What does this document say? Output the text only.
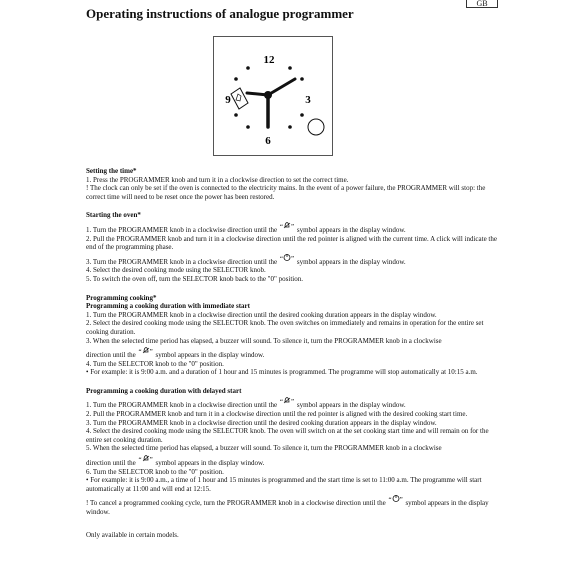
Operating instructions of analogue programmer
GB
12
3
6
9

Setting the time*

1. Press the PROGRAMMER knob and turn it in a clockwise direction to set the correct time.

! The clock can only be set if the oven is connected to the electricity mains. In the event of a power failure, the PROGRAMMER will stop: the correct time will need to be reset once the power has been restored.

Starting the oven*

1. Turn the PROGRAMMER knob in a clockwise direction until the “ ” symbol appears in the display window.

2. Pull the PROGRAMMER knob and turn it in a clockwise direction until the red pointer is aligned with the current time. A click will indicate the end of the programming phase.

3. Turn the PROGRAMMER knob in a clockwise direction until the “ ” symbol appears in the display window.

4. Select the desired cooking mode using the SELECTOR knob.

5. To switch the oven off, turn the SELECTOR knob back to the "0" position.

Programming cooking*

Programming a cooking duration with immediate start

1. Turn the PROGRAMMER knob in a clockwise direction until the desired cooking duration appears in the display window.

2. Select the desired cooking mode using the SELECTOR knob. The oven switches on immediately and remains in operation for the entire set cooking duration.

3. When the selected time period has elapsed, a buzzer will sound. To silence it, turn the PROGRAMMER knob in a clockwise

direction until the “ ” symbol appears in the display window.

4. Turn the SELECTOR knob to the "0" position.

• For example: it is 9:00 a.m. and a duration of 1 hour and 15 minutes is programmed. The programme will stop automatically at 10:15 a.m.

Programming a cooking duration with delayed start

1. Turn the PROGRAMMER knob in a clockwise direction until the “ ” symbol appears in the display window.

2. Pull the PROGRAMMER knob and turn it in a clockwise direction until the red pointer is aligned with the desired cooking start time.

3. Turn the PROGRAMMER knob in a clockwise direction until the desired cooking duration appears in the display window.

4. Select the desired cooking mode using the SELECTOR knob. The oven will switch on at the set cooking start time and will remain on for the entire set cooking duration.

5. When the selected time period has elapsed, a buzzer will sound. To silence it, turn the PROGRAMMER knob in a clockwise

direction until the “ ” symbol appears in the display window.

6. Turn the SELECTOR knob to the "0" position.

• For example: it is 9:00 a.m., a time of 1 hour and 15 minutes is programmed and the start time is set to 11:00 a.m. The programme will start automatically at 11:00 and will end at 12:15.

! To cancel a programmed cooking cycle, turn the PROGRAMMER knob in a clockwise direction until the “ ” symbol appears in the display window.

Only available in certain models.
